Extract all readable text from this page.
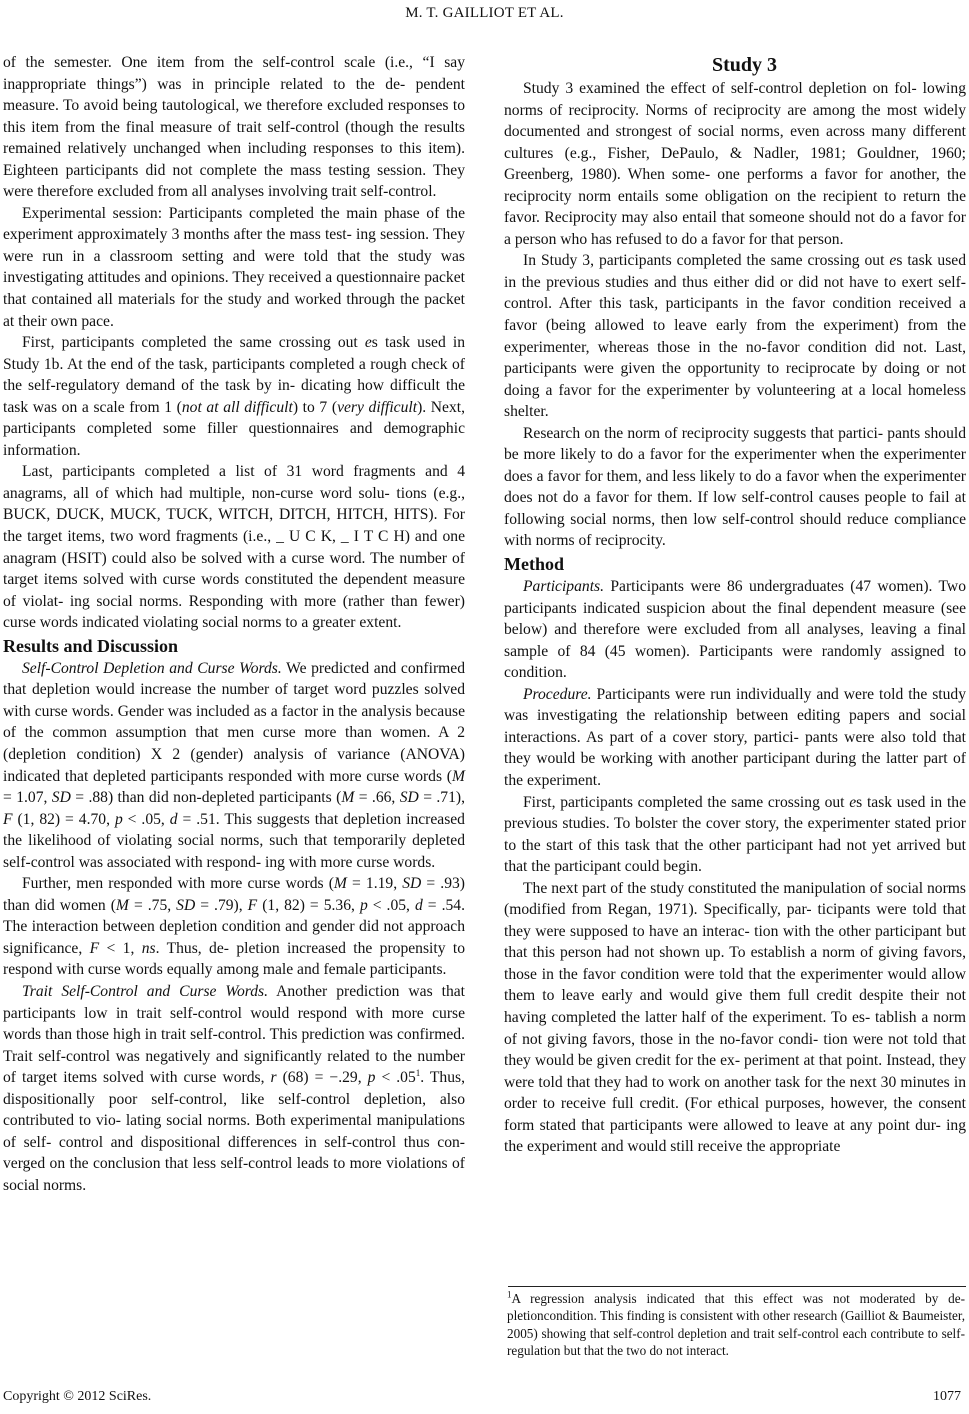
M. T. GAILLIOT ET AL.

of the semester. One item from the self-control scale (i.e., “I say inappropriate things”) was in principle related to the de- pendent measure. To avoid being tautological, we therefore excluded responses to this item from the final measure of trait self-control (though the results remained relatively unchanged when including responses to this item). Eighteen participants did not complete the mass testing session. They were therefore excluded from all analyses involving trait self-control.

Experimental session: Participants completed the main phase of the experiment approximately 3 months after the mass test- ing session. They were run in a classroom setting and were told that the study was investigating attitudes and opinions. They received a questionnaire packet that contained all materials for the study and worked through the packet at their own pace.

First, participants completed the same crossing out es task used in Study 1b. At the end of the task, participants completed a rough check of the self-regulatory demand of the task by in- dicating how difficult the task was on a scale from 1 (not at all difficult) to 7 (very difficult). Next, participants completed some filler questionnaires and demographic information.

Last, participants completed a list of 31 word fragments and 4 anagrams, all of which had multiple, non-curse word solu- tions (e.g., BUCK, DUCK, MUCK, TUCK, WITCH, DITCH, HITCH, HITS). For the target items, two word fragments (i.e., _ U C K, _ I T C H) and one anagram (HSIT) could also be solved with a curse word. The number of target items solved with curse words constituted the dependent measure of violat- ing social norms. Responding with more (rather than fewer) curse words indicated violating social norms to a greater extent.

Results and Discussion

Self-Control Depletion and Curse Words. We predicted and confirmed that depletion would increase the number of target word puzzles solved with curse words. Gender was included as a factor in the analysis because of the common assumption that men curse more than women. A 2 (depletion condition) X 2 (gender) analysis of variance (ANOVA) indicated that depleted participants responded with more curse words (M = 1.07, SD = .88) than did non-depleted participants (M = .66, SD = .71), F (1, 82) = 4.70, p < .05, d = .51. This suggests that depletion increased the likelihood of violating social norms, such that temporarily depleted self-control was associated with respond- ing with more curse words.

Further, men responded with more curse words (M = 1.19, SD = .93) than did women (M = .75, SD = .79), F (1, 82) = 5.36, p < .05, d = .54. The interaction between depletion condition and gender did not approach significance, F < 1, ns. Thus, de- pletion increased the propensity to respond with curse words equally among male and female participants.

Trait Self-Control and Curse Words. Another prediction was that participants low in trait self-control would respond with more curse words than those high in trait self-control. This prediction was confirmed. Trait self-control was negatively and significantly related to the number of target items solved with curse words, r (68) = −.29, $p < .05^1$. Thus, dispositionally poor self-control, like self-control depletion, also contributed to vio- lating social norms. Both experimental manipulations of self- control and dispositional differences in self-control thus con- verged on the conclusion that less self-control leads to more violations of social norms.

Study 3

Study 3 examined the effect of self-control depletion on fol- lowing norms of reciprocity. Norms of reciprocity are among the most widely documented and strongest of social norms, even across many different cultures (e.g., Fisher, DePaulo, & Nadler, 1981; Gouldner, 1960; Greenberg, 1980). When some- one performs a favor for another, the reciprocity norm entails some obligation on the recipient to return the favor. Reciprocity may also entail that someone should not do a favor for a person who has refused to do a favor for that person.

In Study 3, participants completed the same crossing out es task used in the previous studies and thus either did or did not have to exert self-control. After this task, participants in the favor condition received a favor (being allowed to leave early from the experiment) from the experimenter, whereas those in the no-favor condition did not. Last, participants were given the opportunity to reciprocate by doing or not doing a favor for the experimenter by volunteering at a local homeless shelter.

Research on the norm of reciprocity suggests that partici- pants should be more likely to do a favor for the experimenter when the experimenter does a favor for them, and less likely to do a favor when the experimenter does not do a favor for them. If low self-control causes people to fail at following social norms, then low self-control should reduce compliance with norms of reciprocity.

Method

Participants. Participants were 86 undergraduates (47 women). Two participants indicated suspicion about the final dependent measure (see below) and therefore were excluded from all analyses, leaving a final sample of 84 (45 women). Participants were randomly assigned to condition.

Procedure. Participants were run individually and were told the study was investigating the relationship between editing papers and social interactions. As part of a cover story, partici- pants were also told that they would be working with another participant during the latter part of the experiment.

First, participants completed the same crossing out es task used in the previous studies. To bolster the cover story, the experimenter stated prior to the start of this task that the other participant had not yet arrived but that the participant could begin.

The next part of the study constituted the manipulation of social norms (modified from Regan, 1971). Specifically, par- ticipants were told that they were supposed to have an interac- tion with the other participant but that this person had not shown up. To establish a norm of giving favors, those in the favor condition were told that the experimenter would allow them to leave early and would give them full credit despite their not having completed the latter half of the experiment. To es- tablish a norm of not giving favors, those in the no-favor condi- tion were not told that they would be given credit for the ex- periment at that point. Instead, they were told that they had to work on another task for the next 30 minutes in order to receive full credit. (For ethical purposes, however, the consent form stated that participants were allowed to leave at any point dur- ing the experiment and would still receive the appropriate

$^1$A regression analysis indicated that this effect was not moderated by de- pletioncondition. This finding is consistent with other research (Gailliot & Baumeister, 2005) showing that self-control depletion and trait self-control each contribute to self-regulation but that the two do not interact.
Copyright © 2012 SciRes.	1077
